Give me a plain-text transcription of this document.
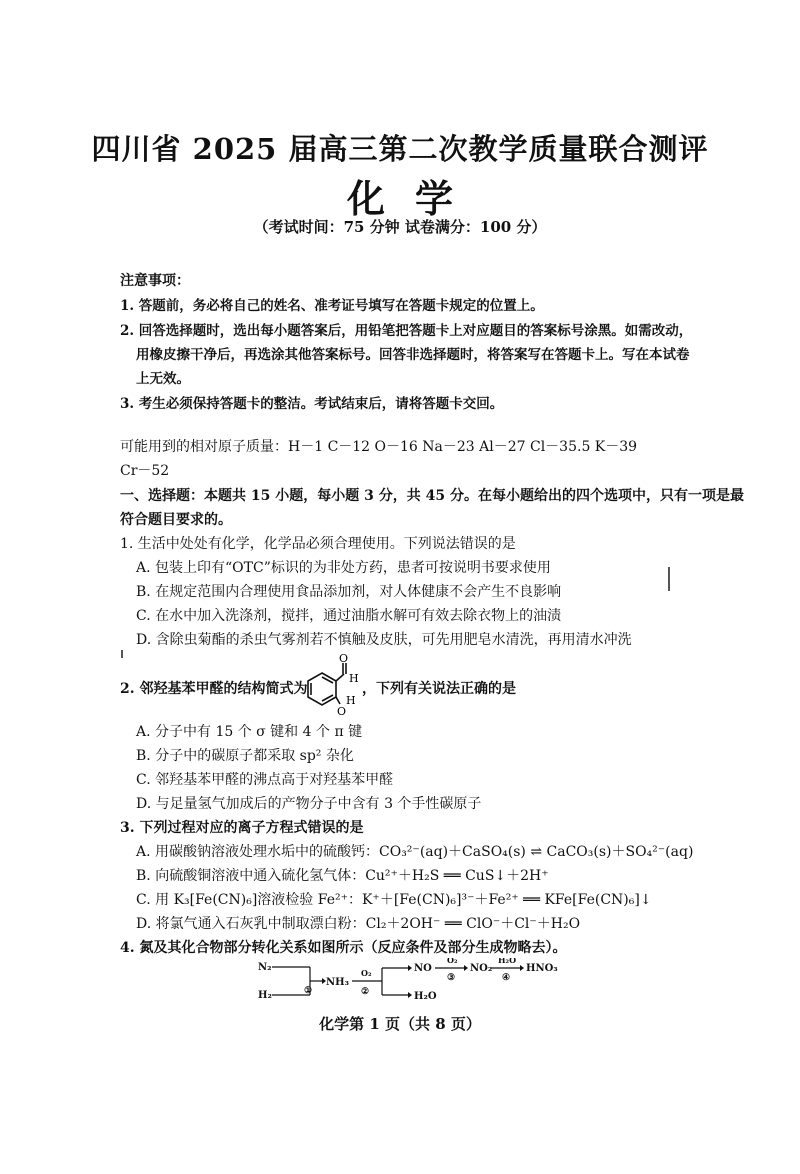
四川省 2025 届高三第二次教学质量联合测评
化学
（考试时间：75 分钟 试卷满分：100 分）
注意事项：
1. 答题前，务必将自己的姓名、准考证号填写在答题卡规定的位置上。
2. 回答选择题时，选出每小题答案后，用铅笔把答题卡上对应题目的答案标号涂黑。如需改动，
用橡皮擦干净后，再选涂其他答案标号。回答非选择题时，将答案写在答题卡上。写在本试卷
上无效。
3. 考生必须保持答题卡的整洁。考试结束后，请将答题卡交回。
可能用到的相对原子质量：H－1 C－12 O－16 Na－23 Al－27 Cl－35.5 K－39
Cr－52
一、选择题：本题共 15 小题，每小题 3 分，共 45 分。在每小题给出的四个选项中，只有一项是最
符合题目要求的。
1. 生活中处处有化学，化学品必须合理使用。下列说法错误的是
A. 包装上印有“OTC”标识的为非处方药，患者可按说明书要求使用
B. 在规定范围内合理使用食品添加剂，对人体健康不会产生不良影响
C. 在水中加入洗涤剂，搅拌，通过油脂水解可有效去除衣物上的油渍
D. 含除虫菊酯的杀虫气雾剂若不慎触及皮肤，可先用肥皂水清洗，再用清水冲洗
2. 邻羟基苯甲醛的结构简式为
O
H
H
O
，下列有关说法正确的是
A. 分子中有 15 个 σ 键和 4 个 π 键
B. 分子中的碳原子都采取 sp² 杂化
C. 邻羟基苯甲醛的沸点高于对羟基苯甲醛
D. 与足量氢气加成后的产物分子中含有 3 个手性碳原子
3. 下列过程对应的离子方程式错误的是
A. 用碳酸钠溶液处理水垢中的硫酸钙：CO₃²⁻(aq)＋CaSO₄(s) ⇌ CaCO₃(s)＋SO₄²⁻(aq)
B. 向硫酸铜溶液中通入硫化氢气体：Cu²⁺＋H₂S ══ CuS↓＋2H⁺
C. 用 K₃[Fe(CN)₆]溶液检验 Fe²⁺：K⁺＋[Fe(CN)₆]³⁻＋Fe²⁺ ══ KFe[Fe(CN)₆]↓
D. 将氯气通入石灰乳中制取漂白粉：Cl₂＋2OH⁻ ══ ClO⁻＋Cl⁻＋H₂O
4. 氮及其化合物部分转化关系如图所示（反应条件及部分生成物略去）。
N₂
H₂	①
NH₃
O₂
②
NO
O₂
③
NO₂
H₂O
④
HNO₃
H₂O
化学第 1 页（共 8 页）
